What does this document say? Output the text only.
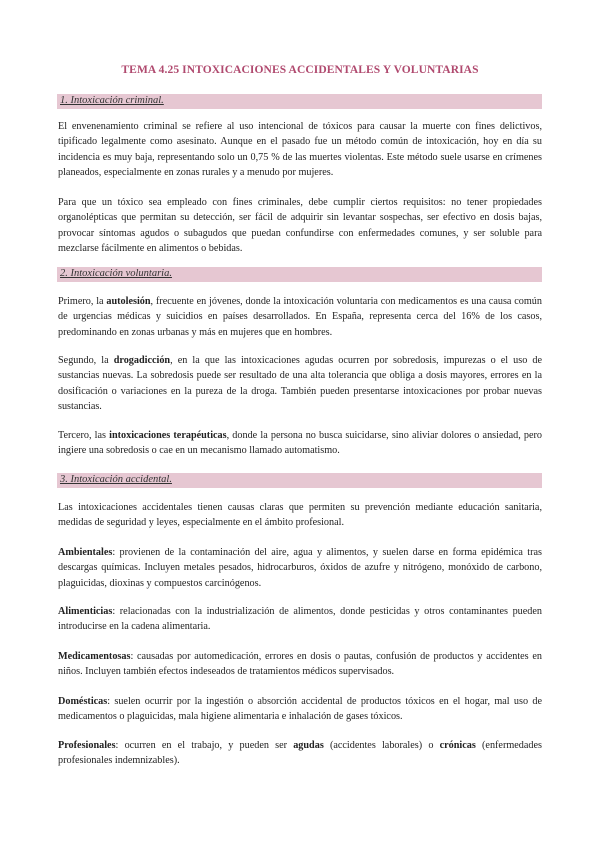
TEMA 4.25 INTOXICACIONES ACCIDENTALES Y VOLUNTARIAS
1. Intoxicación criminal.

El envenenamiento criminal se refiere al uso intencional de tóxicos para causar la muerte con fines delictivos, tipificado legalmente como asesinato. Aunque en el pasado fue un método común de intoxicación, hoy en día su incidencia es muy baja, representando solo un 0,75 % de las muertes violentas. Este método suele usarse en crímenes planeados, especialmente en zonas rurales y a menudo por mujeres.

Para que un tóxico sea empleado con fines criminales, debe cumplir ciertos requisitos: no tener propiedades organolépticas que permitan su detección, ser fácil de adquirir sin levantar sospechas, ser efectivo en dosis bajas, provocar síntomas agudos o subagudos que puedan confundirse con enfermedades comunes, y ser soluble para mezclarse fácilmente en alimentos o bebidas.

2. Intoxicación voluntaria.

Primero, la autolesión, frecuente en jóvenes, donde la intoxicación voluntaria con medicamentos es una causa común de urgencias médicas y suicidios en países desarrollados. En España, representa cerca del 16% de los casos, predominando en zonas urbanas y más en mujeres que en hombres.

Segundo, la drogadicción, en la que las intoxicaciones agudas ocurren por sobredosis, impurezas o el uso de sustancias nuevas. La sobredosis puede ser resultado de una alta tolerancia que obliga a dosis mayores, errores en la dosificación o variaciones en la pureza de la droga. También pueden presentarse intoxicaciones por probar nuevas sustancias.

Tercero, las intoxicaciones terapéuticas, donde la persona no busca suicidarse, sino aliviar dolores o ansiedad, pero ingiere una sobredosis o cae en un mecanismo llamado automatismo.

3. Intoxicación accidental.

Las intoxicaciones accidentales tienen causas claras que permiten su prevención mediante educación sanitaria, medidas de seguridad y leyes, especialmente en el ámbito profesional.

Ambientales: provienen de la contaminación del aire, agua y alimentos, y suelen darse en forma epidémica tras descargas químicas. Incluyen metales pesados, hidrocarburos, óxidos de azufre y nitrógeno, monóxido de carbono, plaguicidas, dioxinas y compuestos carcinógenos.

Alimenticias: relacionadas con la industrialización de alimentos, donde pesticidas y otros contaminantes pueden introducirse en la cadena alimentaria.

Medicamentosas: causadas por automedicación, errores en dosis o pautas, confusión de productos y accidentes en niños. Incluyen también efectos indeseados de tratamientos médicos supervisados.

Domésticas: suelen ocurrir por la ingestión o absorción accidental de productos tóxicos en el hogar, mal uso de medicamentos o plaguicidas, mala higiene alimentaria e inhalación de gases tóxicos.

Profesionales: ocurren en el trabajo, y pueden ser agudas (accidentes laborales) o crónicas (enfermedades profesionales indemnizables).
